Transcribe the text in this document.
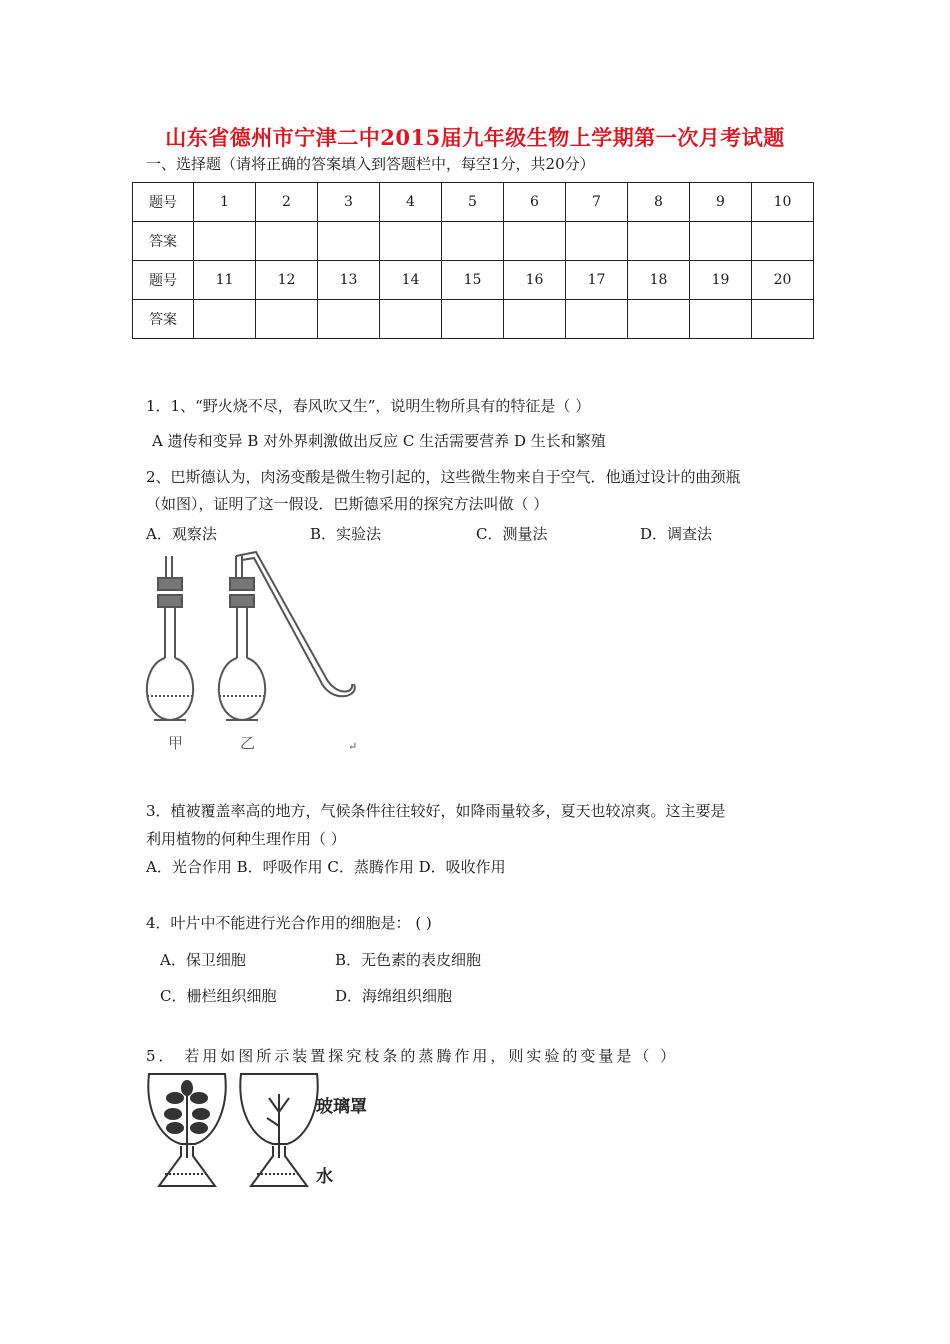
山东省德州市宁津二中2015届九年级生物上学期第一次月考试题
一、选择题（请将正确的答案填入到答题栏中，每空1分，共20分）
题号	1	2	3	4	5	6	7	8	9	10
答案										
题号	11	12	13	14	15	16	17	18	19	20
答案										
1．1、“野火烧不尽，春风吹又生”，说明生物所具有的特征是（ ）
A 遗传和变异 B 对外界刺激做出反应 C 生活需要营养 D 生长和繁殖
2、巴斯德认为，肉汤变酸是微生物引起的，这些微生物来自于空气．他通过设计的曲颈瓶
（如图），证明了这一假设．巴斯德采用的探究方法叫做（ ）
A．观察法	B．实验法	C．测量法	D．调查法
甲	乙	↵
3．植被覆盖率高的地方，气候条件往往较好，如降雨量较多，夏天也较凉爽。这主要是
利用植物的何种生理作用（ ）
A．光合作用 B．呼吸作用 C．蒸腾作用 D．吸收作用
4．叶片中不能进行光合作用的细胞是： ( )
A．保卫细胞	B．无色素的表皮细胞
C．栅栏组织细胞	D．海绵组织细胞
5． 若用如图所示装置探究枝条的蒸腾作用，则实验的变量是（ ）
玻璃罩
水
